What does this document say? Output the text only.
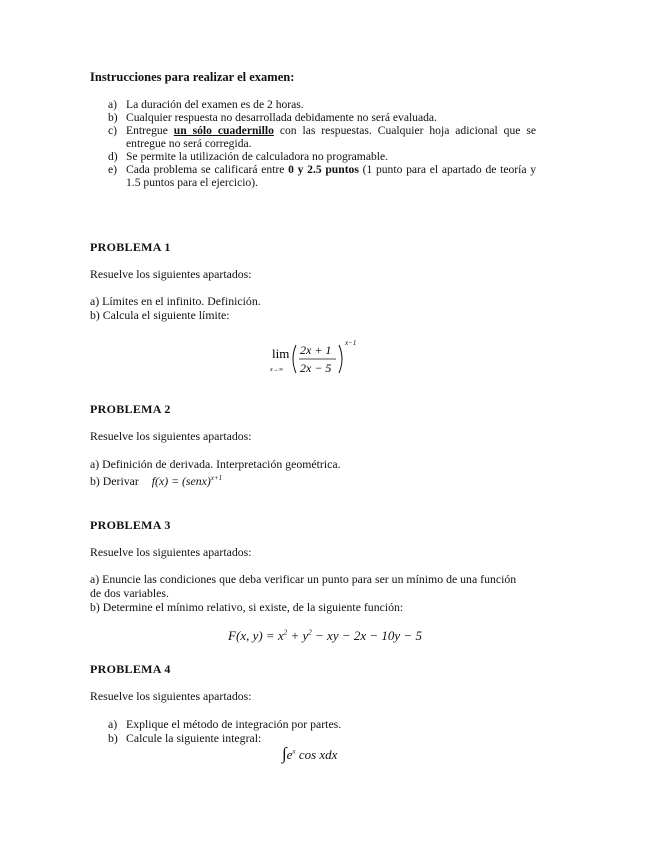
Instrucciones para realizar el examen:
a) La duración del examen es de 2 horas.
b) Cualquier respuesta no desarrollada debidamente no será evaluada.
c) Entregue un sólo cuadernillo con las respuestas. Cualquier hoja adicional que se entregue no será corregida.
d) Se permite la utilización de calculadora no programable.
e) Cada problema se calificará entre 0 y 2.5 puntos (1 punto para el apartado de teoría y 1.5 puntos para el ejercicio).
PROBLEMA 1
Resuelve los siguientes apartados:
a) Límites en el infinito. Definición.
b) Calcula el siguiente límite:
lim
x→∞
2x + 1
2x − 5
x−1
PROBLEMA 2
Resuelve los siguientes apartados:
a) Definición de derivada. Interpretación geométrica.
b) Derivar f(x) = (senx)$^{x+1}$
PROBLEMA 3
Resuelve los siguientes apartados:
a) Enuncie las condiciones que deba verificar un punto para ser un mínimo de una función de dos variables.
b) Determine el mínimo relativo, si existe, de la siguiente función:
F(x, $y) = x^2 + y^2$ − xy − 2x − 10y − 5
PROBLEMA 4
Resuelve los siguientes apartados:
a) Explique el método de integración por partes.
b) Calcule la siguiente integral:
$\int e^x$ cos xdx
